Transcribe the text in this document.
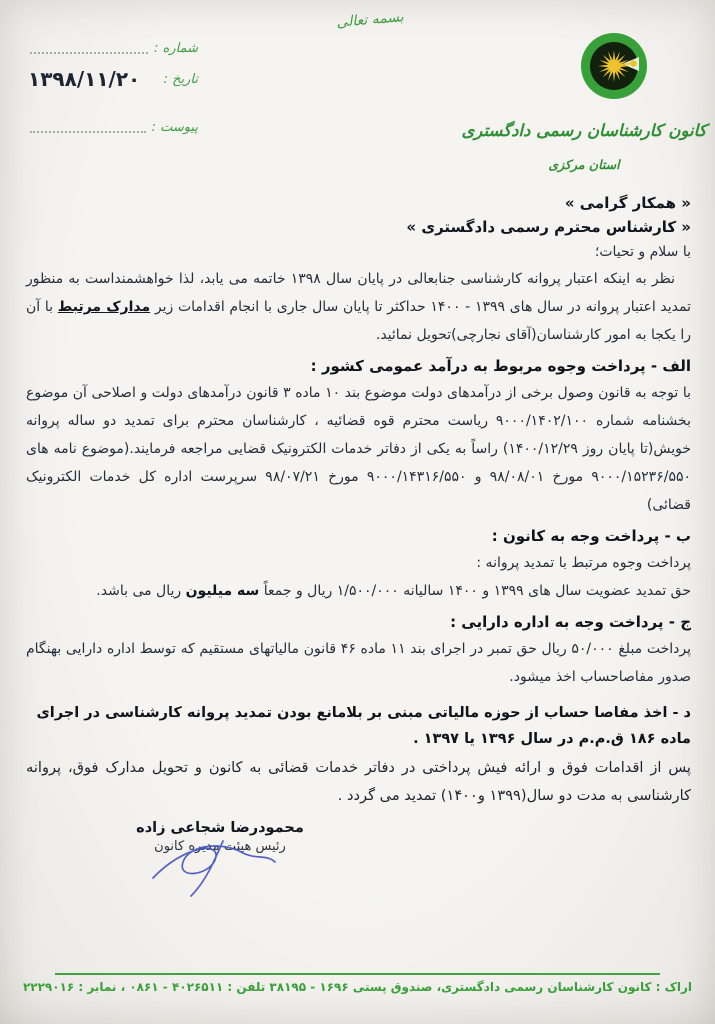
بسمه تعالی
شماره :
تاریخ :
۱۳۹۸/۱۱/۲۰
پیوست :	کانون کارشناسان رسمی دادگستری
استان مرکزی
« همکار گرامی »
« کارشناس محترم رسمی دادگستری »
با سلام و تحیات؛

نظر به اینکه اعتبار پروانه کارشناسی جنابعالی در پایان سال ۱۳۹۸ خاتمه می یابد، لذا خواهشمنداست به منظور تمدید اعتبار پروانه در سال های ۱۳۹۹ - ۱۴۰۰ حداکثر تا پایان سال جاری با انجام اقدامات زیر مدارک مرتبط با آن را یکجا به امور کارشناسان(آقای نجارچی)تحویل نمائید.

الف - پرداخت وجوه مربوط به درآمد عمومی کشور :

با توجه به قانون وصول برخی از درآمدهای دولت موضوع بند ۱۰ ماده ۳ قانون درآمدهای دولت و اصلاحی آن موضوع بخشنامه شماره ۹۰۰۰/۱۴۰۲/۱۰۰ ریاست محترم قوه قضائیه ، کارشناسان محترم برای تمدید دو ساله پروانه خویش(تا پایان روز ۱۴۰۰/۱۲/۲۹) راساً به یکی از دفاتر خدمات الکترونیک قضایی مراجعه فرمایند.(موضوع نامه های ۹۰۰۰/۱۵۲۳۶/۵۵۰ مورخ ۹۸/۰۸/۰۱ و ۹۰۰۰/۱۴۳۱۶/۵۵۰ مورخ ۹۸/۰۷/۲۱ سرپرست اداره کل خدمات الکترونیک قضائی)

ب - پرداخت وجه به کانون :

پرداخت وجوه مرتبط با تمدید پروانه :

حق تمدید عضویت سال های ۱۳۹۹ و ۱۴۰۰ سالیانه ۱/۵۰۰/۰۰۰ ریال و جمعاً سه میلیون ریال می باشد.

ج - پرداخت وجه به اداره دارایی :

پرداخت مبلغ ۵۰/۰۰۰ ریال حق تمبر در اجرای بند ۱۱ ماده ۴۶ قانون مالیاتهای مستقیم که توسط اداره دارایی بهنگام صدور مفاصاحساب اخذ میشود.

د - اخذ مفاصا حساب از حوزه مالیاتی مبنی بر بلامانع بودن تمدید پروانه کارشناسی در اجرای ماده ۱۸۶ ق.م.م در سال ۱۳۹۶ یا ۱۳۹۷ .

پس از اقدامات فوق و ارائه فیش پرداختی در دفاتر خدمات قضائی به کانون و تحویل مدارک فوق، پروانه کارشناسی به مدت دو سال(۱۳۹۹ و۱۴۰۰) تمدید می گردد .

محمودرضا شجاعی زاده
رئیس هیئت مدیره کانون
اراک : کانون کارشناسان رسمی دادگستری، صندوق پستی ۱۶۹۶ - ۳۸۱۹۵ تلفن : ۴۰۲۶۵۱۱ - ۰۸۶۱ ، نمابر : ۲۲۲۹۰۱۶
